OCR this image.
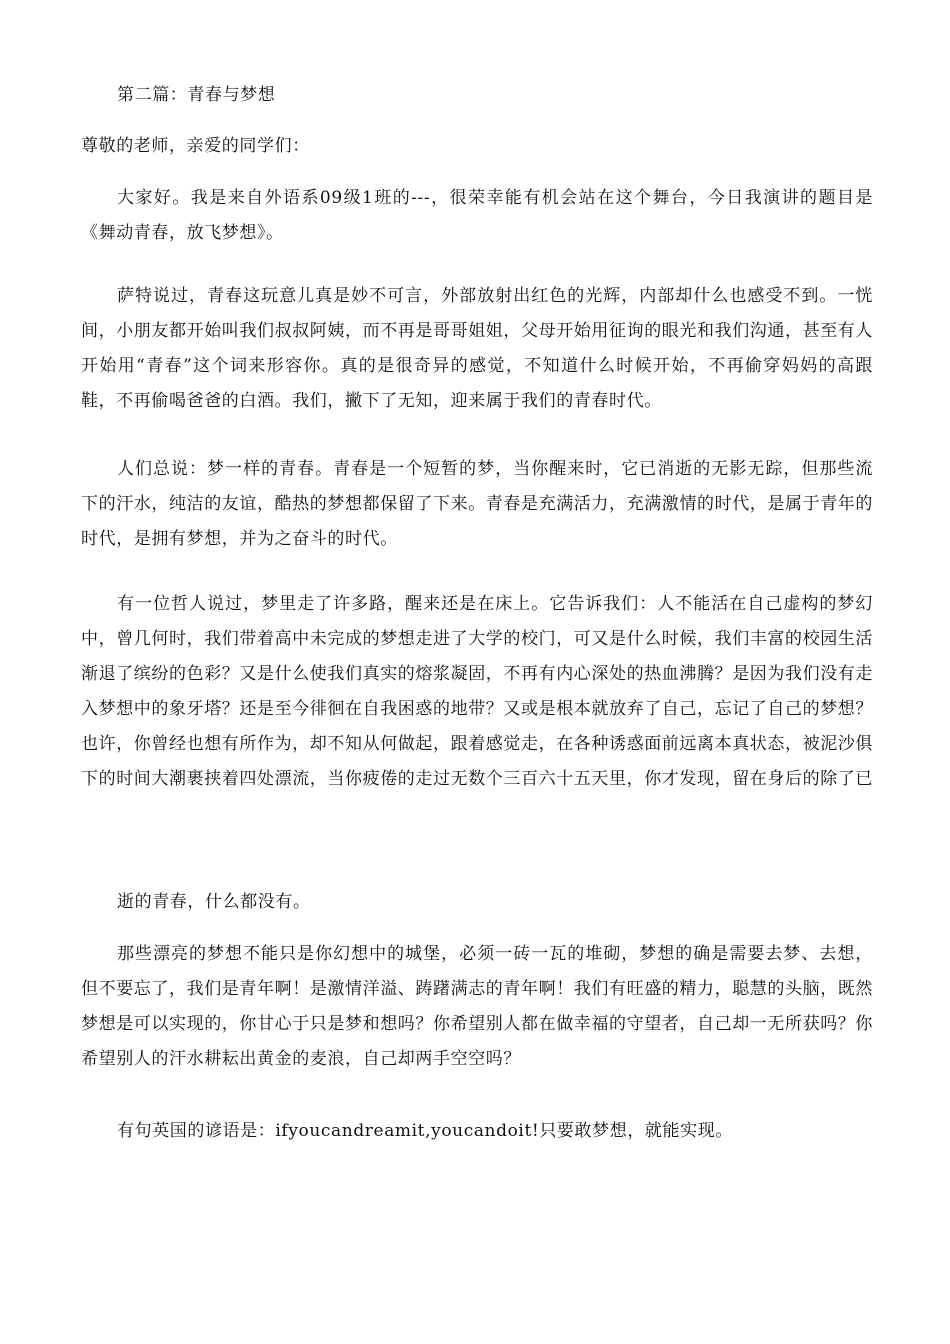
第二篇：青春与梦想

尊敬的老师，亲爱的同学们：

大家好。我是来自外语系09级1班的---，很荣幸能有机会站在这个舞台，今日我演讲的题目是《舞动青春，放飞梦想》。

萨特说过，青春这玩意儿真是妙不可言，外部放射出红色的光辉，内部却什么也感受不到。一恍间，小朋友都开始叫我们叔叔阿姨，而不再是哥哥姐姐，父母开始用征询的眼光和我们沟通，甚至有人开始用“青春”这个词来形容你。真的是很奇异的感觉，不知道什么时候开始，不再偷穿妈妈的高跟鞋，不再偷喝爸爸的白酒。我们，撇下了无知，迎来属于我们的青春时代。

人们总说：梦一样的青春。青春是一个短暂的梦，当你醒来时，它已消逝的无影无踪，但那些流下的汗水，纯洁的友谊，酷热的梦想都保留了下来。青春是充满活力，充满激情的时代，是属于青年的时代，是拥有梦想，并为之奋斗的时代。

有一位哲人说过，梦里走了许多路，醒来还是在床上。它告诉我们：人不能活在自己虚构的梦幻中，曾几何时，我们带着高中未完成的梦想走进了大学的校门，可又是什么时候，我们丰富的校园生活渐退了缤纷的色彩？又是什么使我们真实的熔浆凝固，不再有内心深处的热血沸腾？是因为我们没有走入梦想中的象牙塔？还是至今徘徊在自我困惑的地带？又或是根本就放弃了自己，忘记了自己的梦想？也许，你曾经也想有所作为，却不知从何做起，跟着感觉走，在各种诱惑面前远离本真状态，被泥沙俱下的时间大潮裹挟着四处漂流，当你疲倦的走过无数个三百六十五天里，你才发现，留在身后的除了已

逝的青春，什么都没有。

那些漂亮的梦想不能只是你幻想中的城堡，必须一砖一瓦的堆砌，梦想的确是需要去梦、去想，但不要忘了，我们是青年啊！是激情洋溢、踌躇满志的青年啊！我们有旺盛的精力，聪慧的头脑，既然梦想是可以实现的，你甘心于只是梦和想吗？你希望别人都在做幸福的守望者，自己却一无所获吗？你希望别人的汗水耕耘出黄金的麦浪，自己却两手空空吗？

有句英国的谚语是：ifyoucandreamit,youcandoit!只要敢梦想，就能实现。
